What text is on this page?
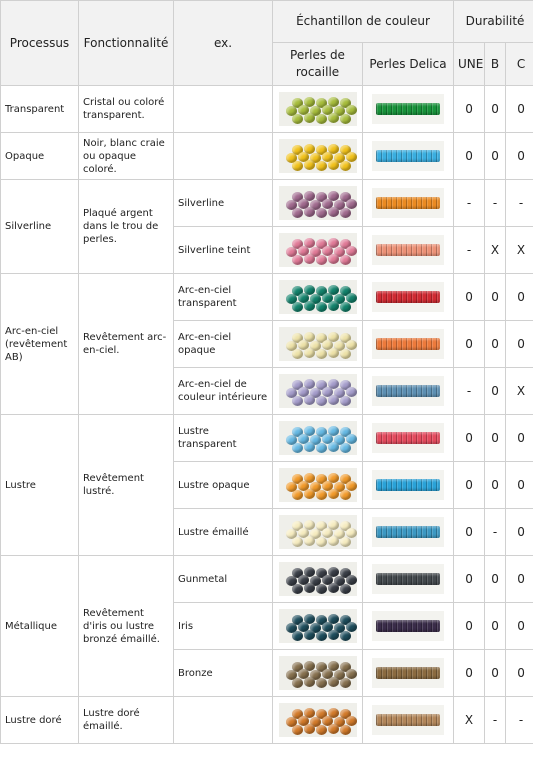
Processus	Fonctionnalité	ex.	Échantillon de couleur		Durabilité		
			Perles de rocaille	Perles Delica	UNE	B	C
Transparent	Cristal ou coloré transparent.				0	0	0
Opaque	Noir, blanc craie ou opaque coloré.				0	0	0
Silverline	Plaqué argent dans le trou de perles.	Silverline			-	-	-
		Silverline teint			-	X	X
Arc-en-ciel (revêtement AB)	Revêtement arc-en-ciel.	Arc-en-ciel transparent			0	0	0
		Arc-en-ciel opaque			0	0	0
		Arc-en-ciel de couleur intérieure			-	0	X
Lustre	Revêtement lustré.	Lustre transparent			0	0	0
		Lustre opaque			0	0	0
		Lustre émaillé			0	-	0
Métallique	Revêtement d'iris ou lustre bronzé émaillé.	Gunmetal			0	0	0
		Iris			0	0	0
		Bronze			0	0	0
Lustre doré	Lustre doré émaillé.				X	-	-
